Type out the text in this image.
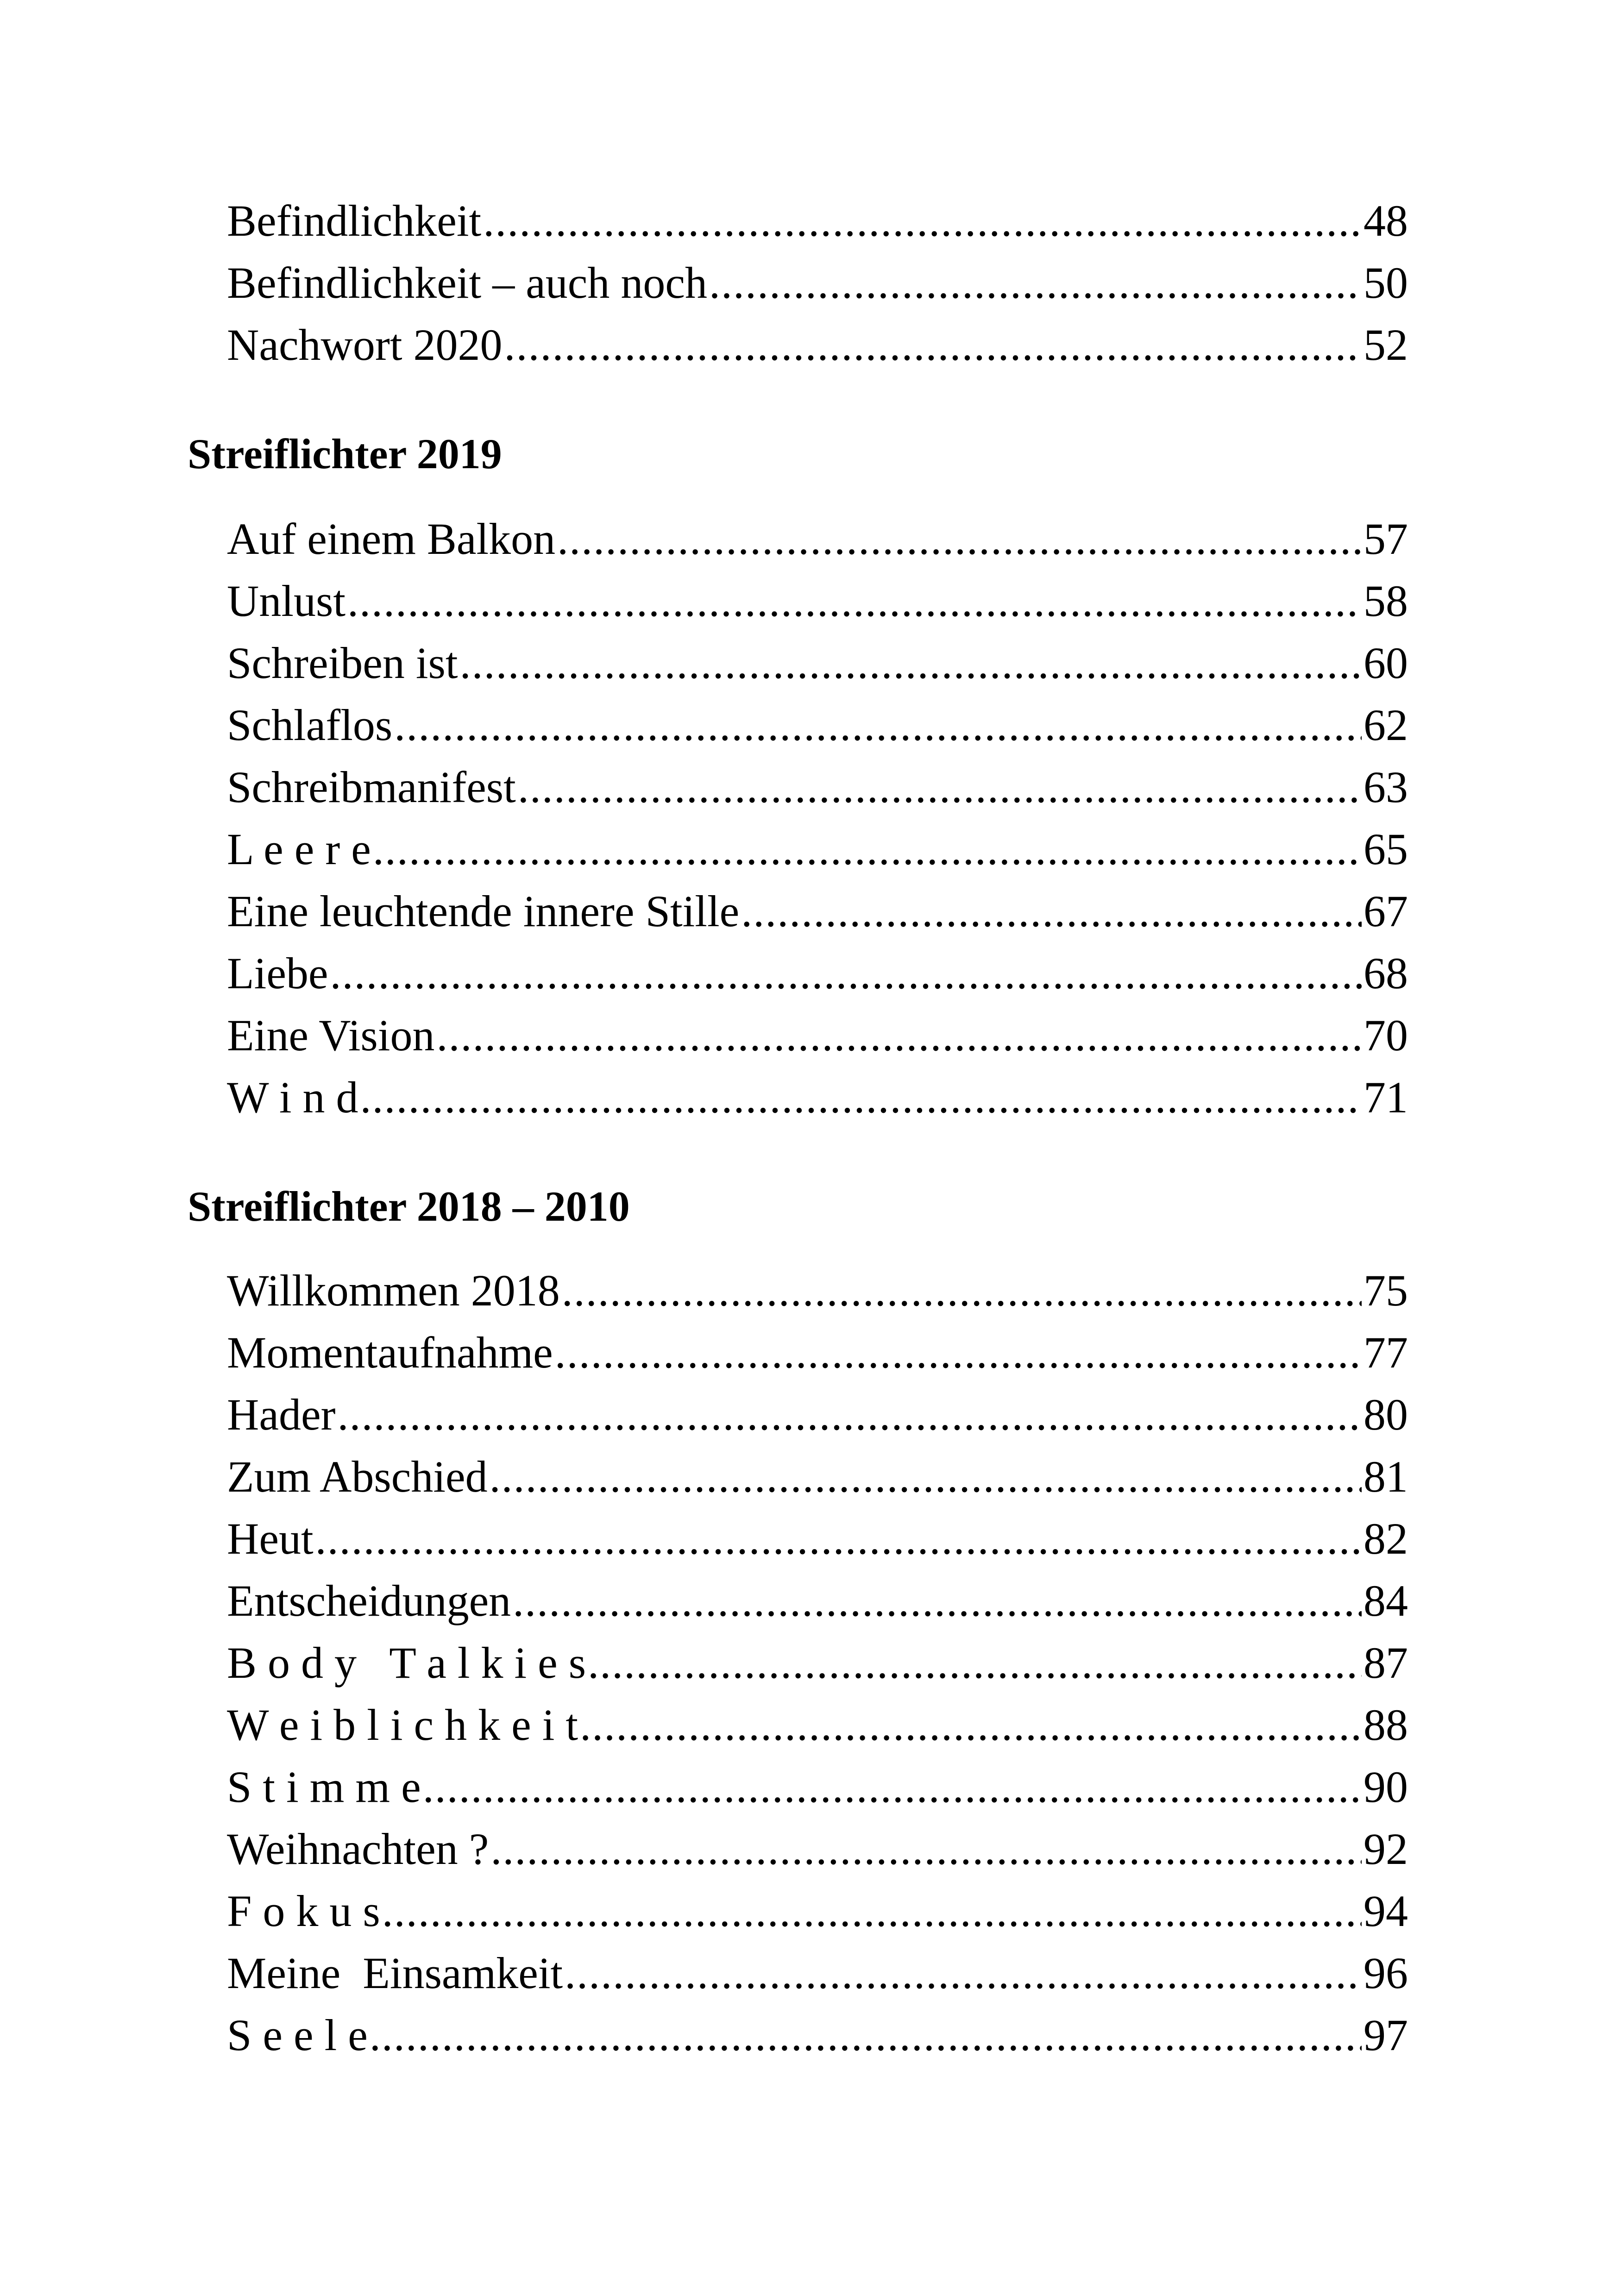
Befindlichkeit .....	48
Befindlichkeit – auch noch .....	50
Nachwort 2020 .....	52
Streiflichter 2019
Auf einem Balkon .....	57
Unlust .....	58
Schreiben ist .....	60
Schlaflos .....	62
Schreibmanifest .....	63
L e e r e .....	65
Eine leuchtende innere Stille .....	67
Liebe .....	68
Eine Vision .....	70
W i n d .....	71
Streiflichter 2018 – 2010
Willkommen 2018 .....	75
Momentaufnahme .....	77
Hader .....	80
Zum Abschied .....	81
Heut .....	82
Entscheidungen .....	84
B o d y   T a l k i e s .....	87
W e i b l i c h k e i t .....	88
S t i m m e .....	90
Weihnachten ? .....	92
F o k u s .....	94
Meine  Einsamkeit .....	96
S e e l e .....	97
